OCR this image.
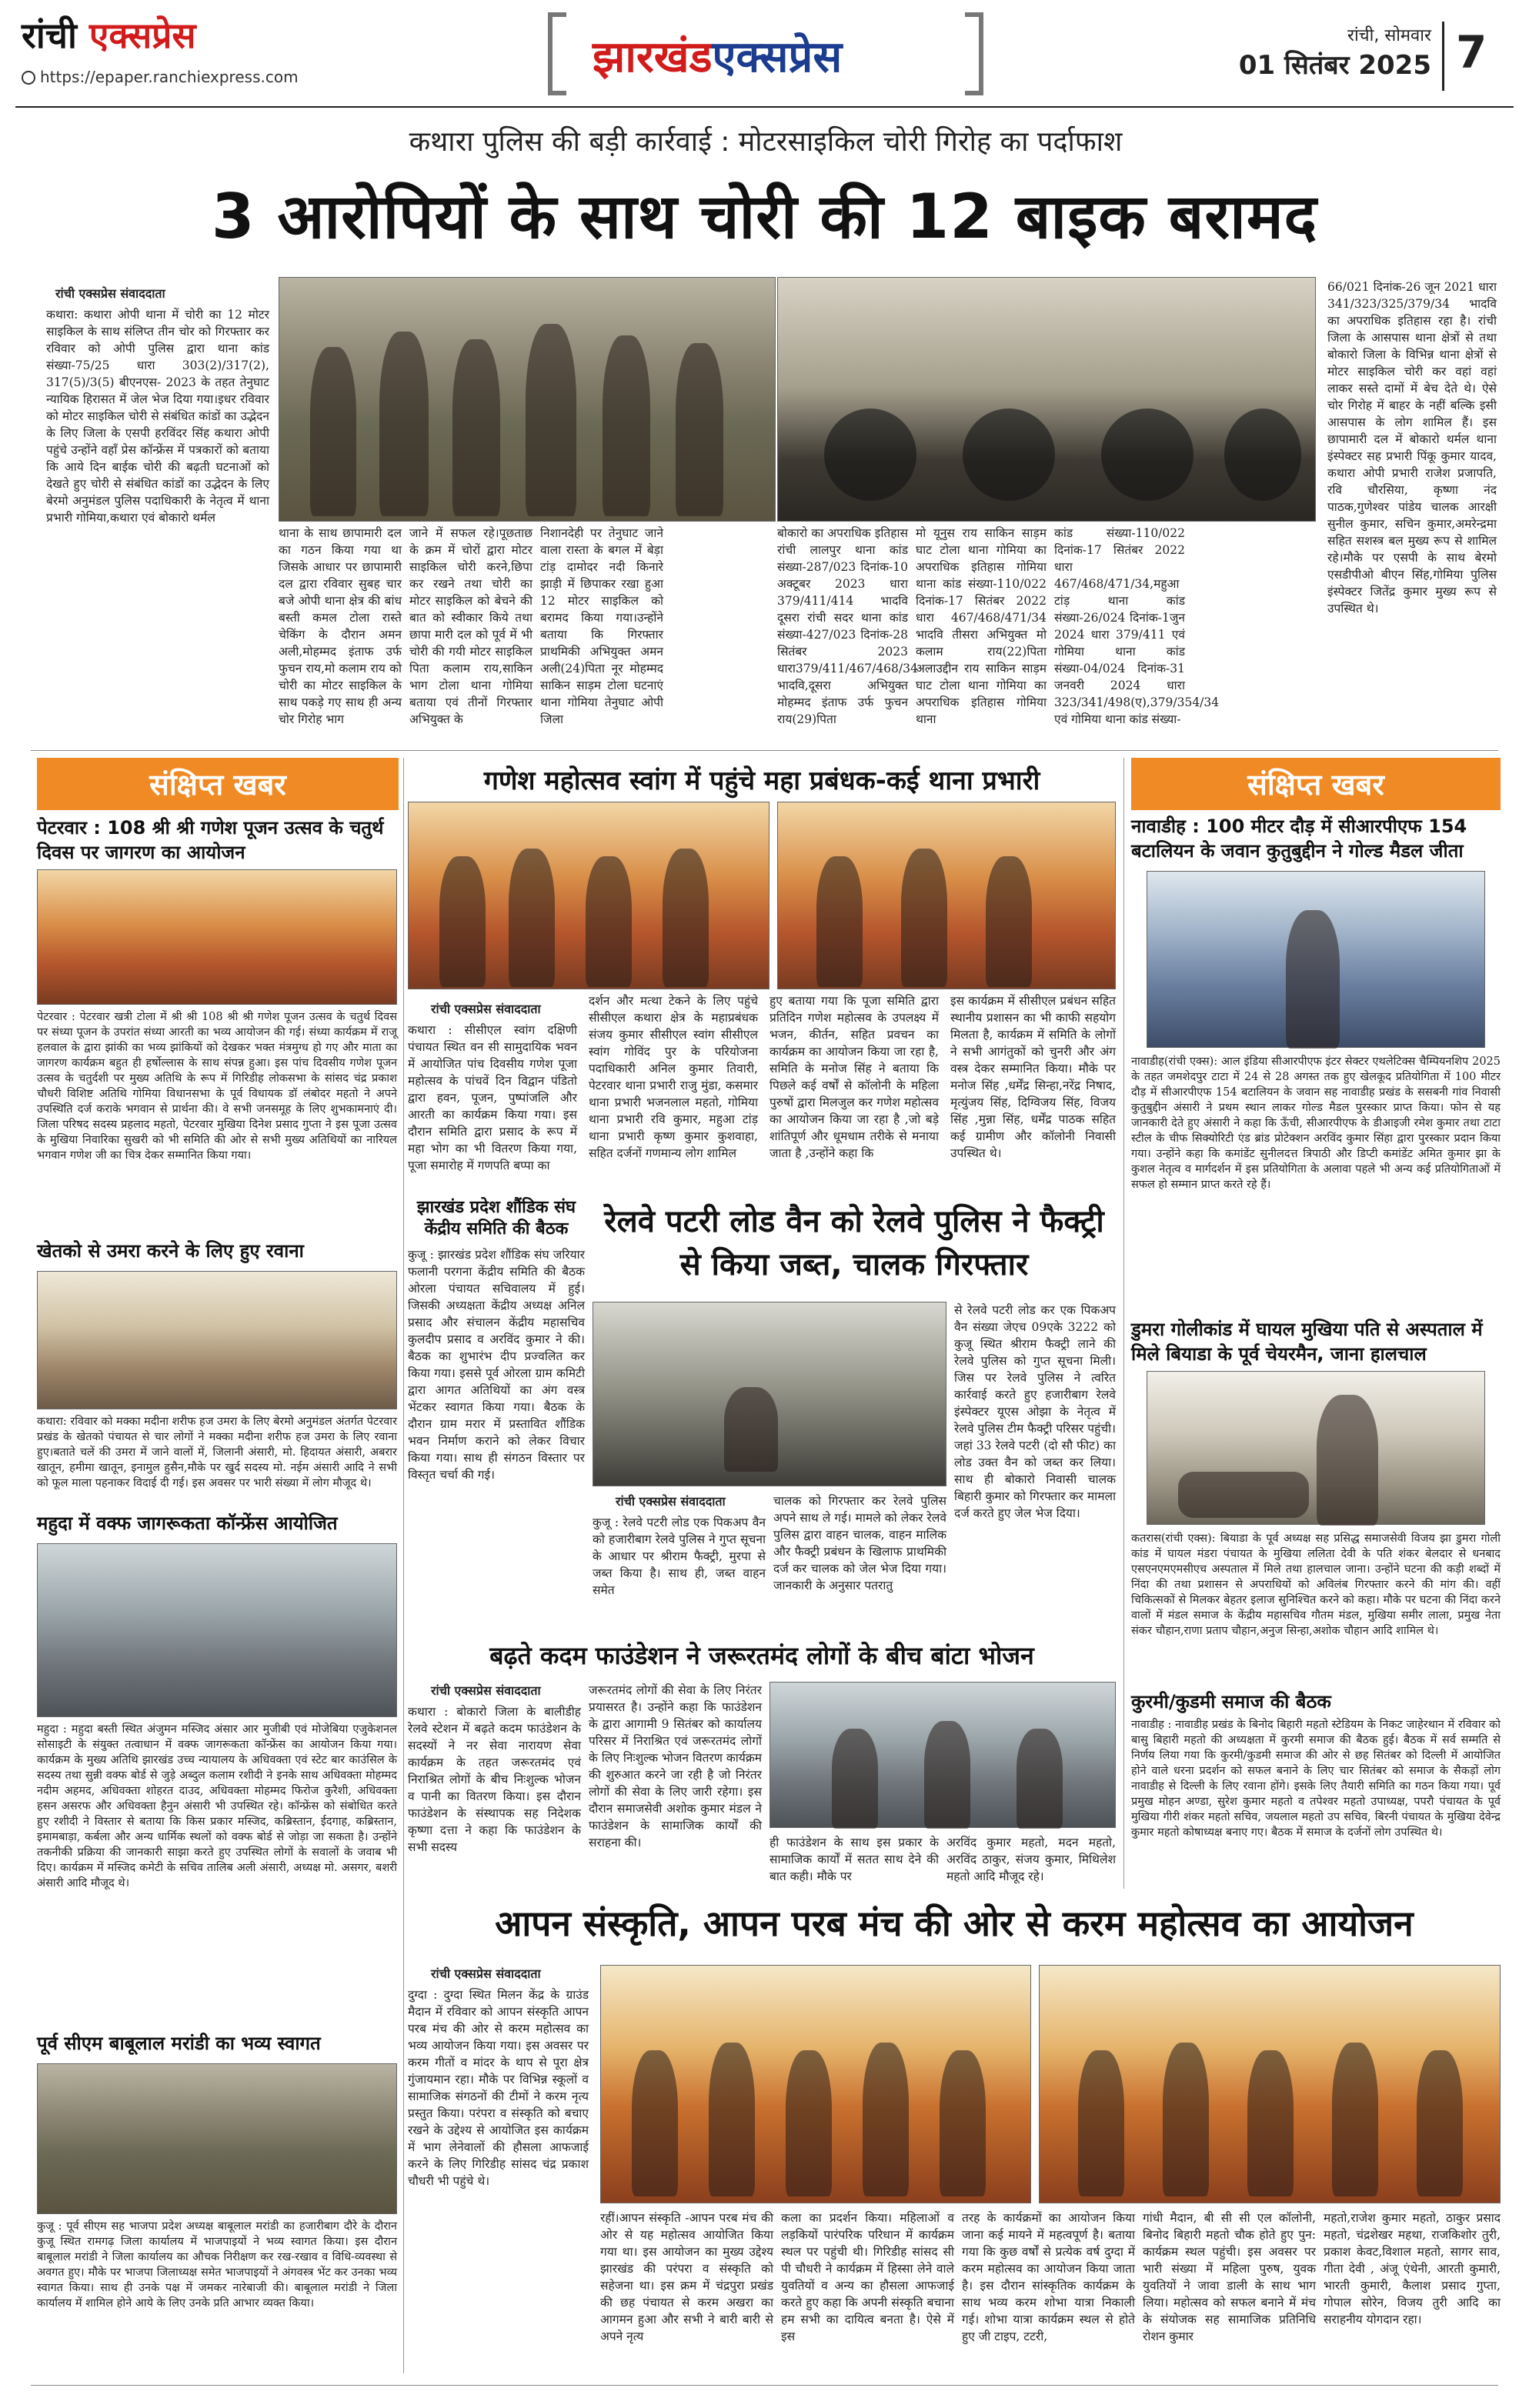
रांची एक्सप्रेस
https://epaper.ranchiexpress.com	झारखंडएक्सप्रेस	रांची, सोमवार
01 सितंबर 2025 7
कथारा पुलिस की बड़ी कार्रवाई : मोटरसाइकिल चोरी गिरोह का पर्दाफाश
3 आरोपियों के साथ चोरी की 12 बाइक बरामद
रांची एक्सप्रेस संवाददाता
कथारा: कथारा ओपी थाना में चोरी का 12 मोटर साइकिल के साथ संलिप्त तीन चोर को गिरफ्तार कर रविवार को ओपी पुलिस द्वारा थाना कांड संख्या-75/25 धारा 303(2)/317(2), 317(5)/3(5) बीएनएस- 2023 के तहत तेनुघाट न्यायिक हिरासत में जेल भेज दिया गया।इधर रविवार को मोटर साइकिल चोरी से संबंधित कांडों का उद्भेदन के लिए जिला के एसपी हरविंदर सिंह कथारा ओपी पहुंचे उन्होंने वहाँ प्रेस कॉन्फ्रेंस में पत्रकारों को बताया कि आये दिन बाईक चोरी की बढ़ती घटनाओं को देखते हुए चोरी से संबंधित कांडों का उद्भेदन के लिए बेरमो अनुमंडल पुलिस पदाधिकारी के नेतृत्व में थाना प्रभारी गोमिया,कथारा एवं बोकारो थर्मल
थाना के साथ छापामारी दल का गठन किया गया था जिसके आधार पर छापामारी दल द्वारा रविवार सुबह चार बजे ओपी थाना क्षेत्र की बांध बस्ती कमल टोला रास्ते चेकिंग के दौरान अमन अली,मोहम्मद इंताफ उर्फ फुचन राय,मो कलाम राय को चोरी का मोटर साइकिल के साथ पकड़े गए साथ ही अन्य चोर गिरोह भाग
जाने में सफल रहे।पूछताछ के क्रम में चोरों द्वारा मोटर साइकिल चोरी करने,छिपा कर रखने तथा चोरी का मोटर साइकिल को बेचने की बात को स्वीकार किये तथा छापा मारी दल को पूर्व में भी चोरी की गयी मोटर साइकिल पिता कलाम राय,साकिन भाग टोला थाना गोमिया बताया एवं तीनों गिरफ्तार अभियुक्त के
निशानदेही पर तेनुघाट जाने वाला रास्ता के बगल में बेड़ा टांड़ दामोदर नदी किनारे झाड़ी में छिपाकर रखा हुआ 12 मोटर साइकिल को बरामद किया गया।उन्होंने बताया कि गिरफ्तार प्राथमिकी अभियुक्त अमन अली(24)पिता नूर मोहम्मद साकिन साड़म टोला घटनाएं थाना गोमिया तेनुघाट ओपी जिला
बोकारो का अपराधिक इतिहास रांची लालपुर थाना कांड संख्या-287/023 दिनांक-10 अक्टूबर 2023 धारा 379/411/414 भादवि दूसरा रांची सदर थाना कांड संख्या-427/023 दिनांक-28 सितंबर 2023 धारा379/411/467/468/34 भादवि,दूसरा अभियुक्त मोहम्मद इंताफ उर्फ फुचन राय(29)पिता
मो यूनुस राय साकिन साड़म घाट टोला थाना गोमिया का अपराधिक इतिहास गोमिया थाना कांड संख्या-110/022 दिनांक-17 सितंबर 2022 धारा 467/468/471/34 भादवि तीसरा अभियुक्त मो कलाम राय(22)पिता अलाउद्दीन राय साकिन साड़म घाट टोला थाना गोमिया का अपराधिक इतिहास गोमिया थाना
कांड संख्या-110/022 दिनांक-17 सितंबर 2022 धारा 467/468/471/34,महुआ टांड़ थाना कांड संख्या-26/024 दिनांक-1जुन 2024 धारा 379/411 एवं गोमिया थाना कांड संख्या-04/024 दिनांक-31 जनवरी 2024 धारा 323/341/498(ए),379/354/34 एवं गोमिया थाना कांड संख्या-
66/021 दिनांक-26 जून 2021 धारा 341/323/325/379/34 भादवि का अपराधिक इतिहास रहा है। रांची जिला के आसपास थाना क्षेत्रों से तथा बोकारो जिला के विभिन्न थाना क्षेत्रों से मोटर साइकिल चोरी कर वहां वहां लाकर सस्ते दामों में बेच देते थे। ऐसे चोर गिरोह में बाहर के नहीं बल्कि इसी आसपास के लोग शामिल हैं। इस छापामारी दल में बोकारो थर्मल थाना इंस्पेक्टर सह प्रभारी पिंकू कुमार यादव, कथारा ओपी प्रभारी राजेश प्रजापति, रवि चौरसिया, कृष्णा नंद पाठक,गुणेश्वर पांडेय चालक आरक्षी सुनील कुमार, सचिन कुमार,अमरेन्द्रमा सहित सशस्त्र बल मुख्य रूप से शामिल रहे।मौके पर एसपी के साथ बेरमो एसडीपीओ बीएन सिंह,गोमिया पुलिस इंस्पेक्टर जितेंद्र कुमार मुख्य रूप से उपस्थित थे।
संक्षिप्त खबर
पेटरवार : 108 श्री श्री गणेश पूजन उत्सव के चतुर्थ दिवस पर जागरण का आयोजन
पेटरवार : पेटरवार खत्री टोला में श्री श्री 108 श्री श्री गणेश पूजन उत्सव के चतुर्थ दिवस पर संध्या पूजन के उपरांत संध्या आरती का भव्य आयोजन की गई। संध्या कार्यक्रम में राजू हलवाल के द्वारा झांकी का भव्य झांकियों को देखकर भक्त मंत्रमुग्ध हो गए और माता का जागरण कार्यक्रम बहुत ही हर्षोल्लास के साथ संपन्न हुआ। इस पांच दिवसीय गणेश पूजन उत्सव के चतुर्दशी पर मुख्य अतिथि के रूप में गिरिडीह लोकसभा के सांसद चंद्र प्रकाश चौधरी विशिष्ट अतिथि गोमिया विधानसभा के पूर्व विधायक डॉ लंबोदर महतो ने अपने उपस्थिति दर्ज कराके भगवान से प्रार्थना की। वे सभी जनसमूह के लिए शुभकामनाएं दी। जिला परिषद सदस्य प्रहलाद महतो, पेटरवार मुखिया दिनेश प्रसाद गुप्ता ने इस पूजा उत्सव के मुखिया निवारिका सुखरी को भी समिति की ओर से सभी मुख्य अतिथियों का नारियल भगवान गणेश जी का चित्र देकर सम्मानित किया गया।
खेतको से उमरा करने के लिए हुए रवाना
कथारा: रविवार को मक्का मदीना शरीफ हज उमरा के लिए बेरमो अनुमंडल अंतर्गत पेटरवार प्रखंड के खेतको पंचायत से चार लोगों ने मक्का मदीना शरीफ हज उमरा के लिए रवाना हुए।बताते चलें की उमरा में जाने वालों में, जिलानी अंसारी, मो. हिदायत अंसारी, अबरार खातून, हमीमा खातून, इनामुल हुसैन,मौके पर खुर्द सदस्य मो. नईम अंसारी आदि ने सभी को फूल माला पहनाकर विदाई दी गई। इस अवसर पर भारी संख्या में लोग मौजूद थे।
महुदा में वक्फ जागरूकता कॉन्फ्रेंस आयोजित
महुदा : महुदा बस्ती स्थित अंजुमन मस्जिद अंसार आर मुजीबी एवं मोजेबिया एजुकेशनल सोसाइटी के संयुक्त तत्वाधान में वक्फ जागरूकता कॉन्फ्रेंस का आयोजन किया गया। कार्यक्रम के मुख्य अतिथि झारखंड उच्च न्यायालय के अधिवक्ता एवं स्टेट बार काउंसिल के सदस्य तथा सुन्नी वक्फ बोर्ड से जुड़े अब्दुल कलाम रशीदी ने इनके साथ अधिवक्ता मोहम्मद नदीम अहमद, अधिवक्ता शोहरत दाउद, अधिवक्ता मोहम्मद फिरोज कुरैशी, अधिवक्ता हसन असरफ और अधिवक्ता हैनुन अंसारी भी उपस्थित रहे। कॉन्फ्रेंस को संबोधित करते हुए रशीदी ने विस्तार से बताया कि किस प्रकार मस्जिद, कब्रिस्तान, ईदगाह, कब्रिस्तान, इमामबाड़ा, कर्बला और अन्य धार्मिक स्थलों को वक्फ बोर्ड से जोड़ा जा सकता है। उन्होंने तकनीकी प्रक्रिया की जानकारी साझा करते हुए उपस्थित लोगों के सवालों के जवाब भी दिए। कार्यक्रम में मस्जिद कमेटी के सचिव तालिब अली अंसारी, अध्यक्ष मो. असगर, बशरी अंसारी आदि मौजूद थे।
पूर्व सीएम बाबूलाल मरांडी का भव्य स्वागत
कुजू : पूर्व सीएम सह भाजपा प्रदेश अध्यक्ष बाबूलाल मरांडी का हजारीबाग दौरे के दौरान कुजू स्थित रामगढ़ जिला कार्यालय में भाजपाइयों ने भव्य स्वागत किया। इस दौरान बाबूलाल मरांडी ने जिला कार्यालय का औचक निरीक्षण कर रख-रखाव व विधि-व्यवस्था से अवगत हुए। मौके पर भाजपा जिलाध्यक्ष समेत भाजपाइयों ने अंगवस्त्र भेंट कर उनका भव्य स्वागत किया। साथ ही उनके पक्ष में जमकर नारेबाजी की। बाबूलाल मरांडी ने जिला कार्यालय में शामिल होने आये के लिए उनके प्रति आभार व्यक्त किया।
गणेश महोत्सव स्वांग में पहुंचे महा प्रबंधक-कई थाना प्रभारी
रांची एक्सप्रेस संवाददाता
कथारा : सीसीएल स्वांग दक्षिणी पंचायत स्थित वन सी सामुदायिक भवन में आयोजित पांच दिवसीय गणेश पूजा महोत्सव के पांचवें दिन विद्वान पंडितो द्वारा हवन, पूजन, पुष्पांजलि और आरती का कार्यक्रम किया गया। इस दौरान समिति द्वारा प्रसाद के रूप में महा भोग का भी वितरण किया गया, पूजा समारोह में गणपति बप्पा का
दर्शन और मत्था टेकने के लिए पहुंचे सीसीएल कथारा क्षेत्र के महाप्रबंधक संजय कुमार सीसीएल स्वांग सीसीएल स्वांग गोविंद पुर के परियोजना पदाधिकारी अनिल कुमार तिवारी, पेटरवार थाना प्रभारी राजु मुंडा, कसमार थाना प्रभारी भजनलाल महतो, गोमिया थाना प्रभारी रवि कुमार, महुआ टांड़ थाना प्रभारी कृष्ण कुमार कुशवाहा, सहित दर्जनों गणमान्य लोग शामिल
हुए बताया गया कि पूजा समिति द्वारा प्रतिदिन गणेश महोत्सव के उपलक्ष्य में भजन, कीर्तन, सहित प्रवचन का कार्यक्रम का आयोजन किया जा रहा है, समिति के मनोज सिंह ने बताया कि पिछले कई वर्षों से कॉलोनी के महिला पुरुषों द्वारा मिलजुल कर गणेश महोत्सव का आयोजन किया जा रहा है ,जो बड़े शांतिपूर्ण और धूमधाम तरीके से मनाया जाता है ,उन्होंने कहा कि
इस कार्यक्रम में सीसीएल प्रबंधन सहित स्थानीय प्रशासन का भी काफी सहयोग मिलता है, कार्यक्रम में समिति के लोगों ने सभी आगंतुकों को चुनरी और अंग वस्त्र देकर सम्मानित किया। मौके पर मनोज सिंह ,धर्मेंद्र सिन्हा,नरेंद्र निषाद, मृत्युंजय सिंह, दिग्विजय सिंह, विजय सिंह ,मुन्ना सिंह, धर्मेंद्र पाठक सहित कई ग्रामीण और कॉलोनी निवासी उपस्थित थे।
झारखंड प्रदेश शौंडिक संघ केंद्रीय समिति की बैठक
कुजू : झारखंड प्रदेश शौंडिक संघ जरियार फलानी परगना केंद्रीय समिति की बैठक ओरला पंचायत सचिवालय में हुई। जिसकी अध्यक्षता केंद्रीय अध्यक्ष अनिल प्रसाद और संचालन केंद्रीय महासचिव कुलदीप प्रसाद व अरविंद कुमार ने की। बैठक का शुभारंभ दीप प्रज्वलित कर किया गया। इससे पूर्व ओरला ग्राम कमिटी द्वारा आगत अतिथियों का अंग वस्त्र भेंटकर स्वागत किया गया। बैठक के दौरान ग्राम मरार में प्रस्तावित शौंडिक भवन निर्माण कराने को लेकर विचार किया गया। साथ ही संगठन विस्तार पर विस्तृत चर्चा की गई।
रेलवे पटरी लोड वैन को रेलवे पुलिस ने फैक्ट्री से किया जब्त, चालक गिरफ्तार
रांची एक्सप्रेस संवाददाता
कुजू : रेलवे पटरी लोड एक पिकअप वैन को हजारीबाग रेलवे पुलिस ने गुप्त सूचना के आधार पर श्रीराम फैक्ट्री, मुरपा से जब्त किया है। साथ ही, जब्त वाहन समेत
चालक को गिरफ्तार कर रेलवे पुलिस अपने साथ ले गई। मामले को लेकर रेलवे पुलिस द्वारा वाहन चालक, वाहन मालिक और फैक्ट्री प्रबंधन के खिलाफ प्राथमिकी दर्ज कर चालक को जेल भेज दिया गया।जानकारी के अनुसार पतरातु
से रेलवे पटरी लोड कर एक पिकअप वैन संख्या जेएच 09एके 3222 को कुजू स्थित श्रीराम फैक्ट्री लाने की रेलवे पुलिस को गुप्त सूचना मिली। जिस पर रेलवे पुलिस ने त्वरित कार्रवाई करते हुए हजारीबाग रेलवे इंस्पेक्टर यूएस ओझा के नेतृत्व में रेलवे पुलिस टीम फैक्ट्री परिसर पहुंची। जहां 33 रेलवे पटरी (दो सौ फीट) का लोड उक्त वैन को जब्त कर लिया। साथ ही बोकारो निवासी चालक बिहारी कुमार को गिरफ्तार कर मामला दर्ज करते हुए जेल भेज दिया।
बढ़ते कदम फाउंडेशन ने जरूरतमंद लोगों के बीच बांटा भोजन
रांची एक्सप्रेस संवाददाता
कथारा : बोकारो जिला के बालीडीह रेलवे स्टेशन में बढ़ते कदम फाउंडेशन के सदस्यों ने नर सेवा नारायण सेवा कार्यक्रम के तहत जरूरतमंद एवं निराश्रित लोगों के बीच निःशुल्क भोजन व पानी का वितरण किया। इस दौरान फाउंडेशन के संस्थापक सह निदेशक कृष्णा दत्ता ने कहा कि फाउंडेशन के सभी सदस्य
जरूरतमंद लोगों की सेवा के लिए निरंतर प्रयासरत है। उन्होंने कहा कि फाउंडेशन के द्वारा आगामी 9 सितंबर को कार्यालय परिसर में निराश्रित एवं जरूरतमंद लोगों के लिए निःशुल्क भोजन वितरण कार्यक्रम की शुरुआत करने जा रही है जो निरंतर लोगों की सेवा के लिए जारी रहेगा। इस दौरान समाजसेवी अशोक कुमार मंडल ने फाउंडेशन के सामाजिक कार्यों की सराहना की।	ही फाउंडेशन के साथ इस प्रकार के सामाजिक कार्यों में सतत साथ देने की बात कही। मौके पर
अरविंद कुमार महतो, मदन महतो, अरविंद ठाकुर, संजय कुमार, मिथिलेश महतो आदि मौजूद रहे।
आपन संस्कृति, आपन परब मंच की ओर से करम महोत्सव का आयोजन
रांची एक्सप्रेस संवाददाता
दुग्दा : दुग्दा स्थित मिलन केंद्र के ग्राउंड मैदान में रविवार को आपन संस्कृति आपन परब मंच की ओर से करम महोत्सव का भव्य आयोजन किया गया। इस अवसर पर करम गीतों व मांदर के थाप से पूरा क्षेत्र गुंजायमान रहा। मौके पर विभिन्न स्कूलों व सामाजिक संगठनों की टीमों ने करम नृत्य प्रस्तुत किया। परंपरा व संस्कृति को बचाए रखने के उद्देश्य से आयोजित इस कार्यक्रम में भाग लेनेवालों की हौसला आफजाई करने के लिए गिरिडीह सांसद चंद्र प्रकाश चौधरी भी पहुंचे थे।
रहीं।आपन संस्कृति -आपन परब मंच की ओर से यह महोत्सव आयोजित किया गया था। इस आयोजन का मुख्य उद्देश्य झारखंड की परंपरा व संस्कृति को सहेजना था। इस क्रम में चंद्रपुरा प्रखंड की छह पंचायत से करम अखरा का आगमन हुआ और सभी ने बारी बारी से अपने नृत्य
कला का प्रदर्शन किया। महिलाओं व लड़कियों पारंपरिक परिधान में कार्यक्रम स्थल पर पहुंची थी। गिरिडीह सांसद सी पी चौधरी ने कार्यक्रम में हिस्सा लेने वाले युवतियों व अन्य का हौसला आफजाई करते हुए कहा कि अपनी संस्कृति बचाना हम सभी का दायित्व बनता है। ऐसे में इस
तरह के कार्यक्रमों का आयोजन किया जाना कई मायने में महत्वपूर्ण है। बताया गया कि कुछ वर्षों से प्रत्येक वर्ष दुग्दा में करम महोत्सव का आयोजन किया जाता है। इस दौरान सांस्कृतिक कार्यक्रम के साथ भव्य करम शोभा यात्रा निकाली गई। शोभा यात्रा कार्यक्रम स्थल से होते हुए जी टाइप, टटरी,
गांधी मैदान, बी सी सी एल कॉलोनी, बिनोद बिहारी महतो चौक होते हुए पुन: कार्यक्रम स्थल पहुंची। इस अवसर पर भारी संख्या में महिला पुरुष, युवक युवतियों ने जावा डाली के साथ भाग लिया। महोत्सव को सफल बनाने में मंच के संयोजक सह सामाजिक प्रतिनिधि रोशन कुमार
महतो,राजेश कुमार महतो, ठाकुर प्रसाद महतो, चंद्रशेखर महथा, राजकिशोर तुरी, प्रकाश केवट,विशाल महतो, सागर साव, गीता देवी , अंजू एंथेनी, आरती कुमारी, भारती कुमारी, कैलाश प्रसाद गुप्ता, गोपाल सोरेन, विजय तुरी आदि का सराहनीय योगदान रहा।
संक्षिप्त खबर
नावाडीह : 100 मीटर दौड़ में सीआरपीएफ 154 बटालियन के जवान कुतुबुद्दीन ने गोल्ड मैडल जीता
नावाडीह(रांची एक्स): आल इंडिया सीआरपीएफ इंटर सेक्टर एथलेटिक्स चैम्पियनशिप 2025 के तहत जमशेदपुर टाटा में 24 से 28 अगस्त तक हुए खेलकूद प्रतियोगिता में 100 मीटर दौड़ में सीआरपीएफ 154 बटालियन के जवान सह नावाडीह प्रखंड के ससबनी गांव निवासी कुतुबुद्दीन अंसारी ने प्रथम स्थान लाकर गोल्ड मैडल पुरस्कार प्राप्त किया। फोन से यह जानकारी देते हुए अंसारी ने कहा कि ऊँची, सीआरपीएफ के डीआइजी रमेश कुमार तथा टाटा स्टील के चीफ सिक्योरिटी एंड ब्रांड प्रोटेक्शन अरविंद कुमार सिंहा द्वारा पुरस्कार प्रदान किया गया। उन्होंने कहा कि कमांडेंट सुनीलदत्त त्रिपाठी और डिप्टी कमांडेंट अमित कुमार झा के कुशल नेतृत्व व मार्गदर्शन में इस प्रतियोगिता के अलावा पहले भी अन्य कई प्रतियोगिताओं में सफल हो सम्मान प्राप्त करते रहे हैं।
डुमरा गोलीकांड में घायल मुखिया पति से अस्पताल में मिले बियाडा के पूर्व चेयरमैन, जाना हालचाल
कतरास(रांची एक्स): बियाडा के पूर्व अध्यक्ष सह प्रसिद्ध समाजसेवी विजय झा डुमरा गोली कांड में घायल मंडरा पंचायत के मुखिया ललिता देवी के पति शंकर बेलदार से धनबाद एसएनएमएमसीएच अस्पताल में मिले तथा हालचाल जाना। उन्होंने घटना की कड़ी शब्दों में निंदा की तथा प्रशासन से अपराधियों को अविलंब गिरफ्तार करने की मांग की। वहीं चिकित्सकों से मिलकर बेहतर इलाज सुनिश्चित करने को कहा। मौके पर घटना की निंदा करने वालों में मंडल समाज के केंद्रीय महासचिव गौतम मंडल, मुखिया समीर लाला, प्रमुख नेता संकर चौहान,राणा प्रताप चौहान,अनुज सिन्हा,अशोक चौहान आदि शामिल थे।
कुरमी/कुडमी समाज की बैठक
नावाडीह : नावाडीह प्रखंड के बिनोद बिहारी महतो स्टेडियम के निकट जाहेरथान में रविवार को बासु बिहारी महतो की अध्यक्षता में कुरमी समाज की बैठक हुई। बैठक में सर्व सम्मति से निर्णय लिया गया कि कुरमी/कुडमी समाज की ओर से छह सितंबर को दिल्ली में आयोजित होने वाले धरना प्रदर्शन को सफल बनाने के लिए चार सितंबर को समाज के सैकड़ों लोग नावाडीह से दिल्ली के लिए रवाना होंगे। इसके लिए तैयारी समिति का गठन किया गया। पूर्व प्रमुख मोहन अण्डा, सुरेश कुमार महतो व तपेश्वर महतो उपाध्यक्ष, पपरौ पंचायत के पूर्व मुखिया गीरी शंकर महतो सचिव, जयलाल महतो उप सचिव, बिरनी पंचायत के मुखिया देवेन्द्र कुमार महतो कोषाध्यक्ष बनाए गए। बैठक में समाज के दर्जनों लोग उपस्थित थे।
